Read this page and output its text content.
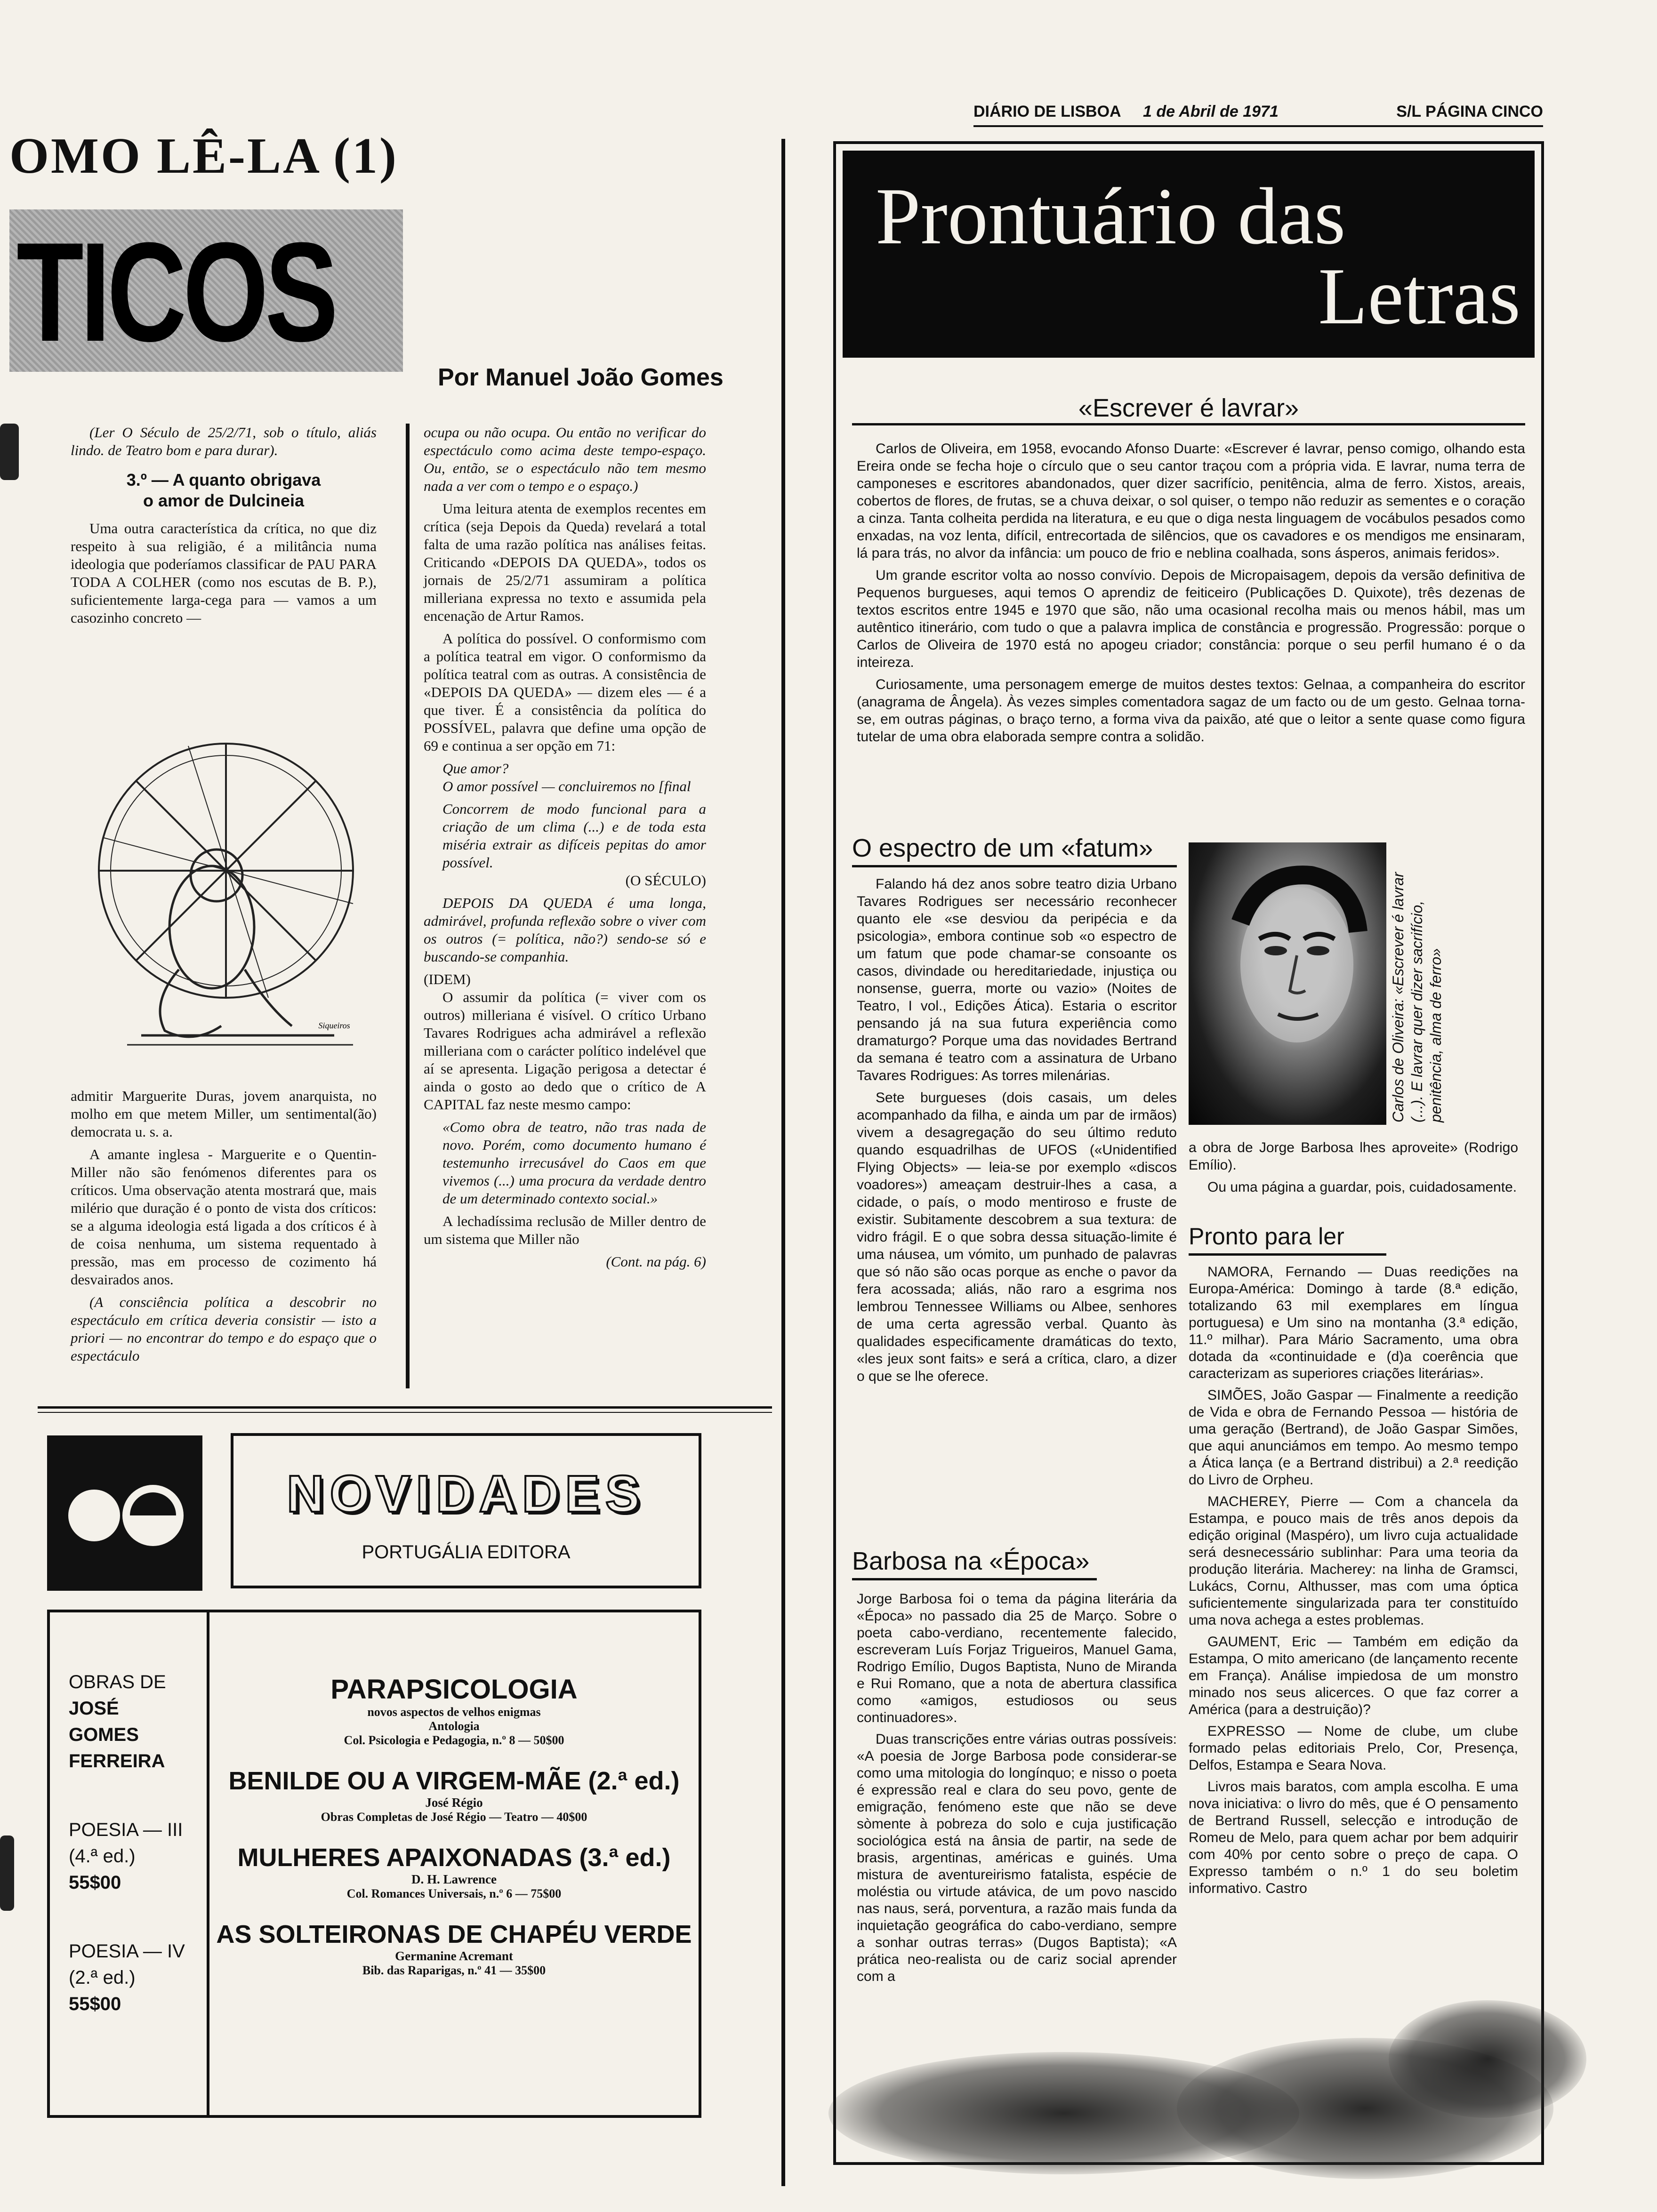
DIÁRIO DE LISBOA 1 de Abril de 1971	S/L PÁGINA CINCO
OMO LÊ-LA (1)
TICOS
Por Manuel João Gomes

(Ler O Século de 25/2/71, sob o título, aliás lindo. de Teatro bom e para durar).

3.º — A quanto obrigava
o amor de Dulcineia

Uma outra característica da crítica, no que diz respeito à sua religião, é a militância numa ideologia que poderíamos classificar de PAU PARA TODA A COLHER (como nos escutas de B. P.), suficientemente larga-cega para — vamos a um casozinho concreto —

Siqueiros

admitir Marguerite Duras, jovem anarquista, no molho em que metem Miller, um sentimental(ão) democrata u. s. a.

A amante inglesa - Marguerite e o Quentin-Miller não são fenómenos diferentes para os críticos. Uma observação atenta mostrará que, mais milério que duração é o ponto de vista dos críticos: se a alguma ideologia está ligada a dos críticos é à de coisa nenhuma, um sistema requentado à pressão, mas em processo de cozimento há desvairados anos.

(A consciência política a descobrir no espectáculo em crítica deveria consistir — isto a priori — no encontrar do tempo e do espaço que o espectáculo

ocupa ou não ocupa. Ou então no verificar do espectáculo como acima deste tempo-espaço. Ou, então, se o espectáculo não tem mesmo nada a ver com o tempo e o espaço.)

Uma leitura atenta de exemplos recentes em crítica (seja Depois da Queda) revelará a total falta de uma razão política nas análises feitas. Criticando «DEPOIS DA QUEDA», todos os jornais de 25/2/71 assumiram a política milleriana expressa no texto e assumida pela encenação de Artur Ramos.

A política do possível. O conformismo com a política teatral em vigor. O conformismo da política teatral com as outras. A consistência de «DEPOIS DA QUEDA» — dizem eles — é a que tiver. É a consistência da política do POSSÍVEL, palavra que define uma opção de 69 e continua a ser opção em 71:

Que amor?
O amor possível — concluiremos no [final
Concorrem de modo funcional para a criação de um clima (...) e de toda esta miséria extrair as difíceis pepitas do amor possível.
(O SÉCULO)

DEPOIS DA QUEDA é uma longa, admirável, profunda reflexão sobre o viver com os outros (= política, não?) sendo-se só e buscando-se companhia.

(IDEM)

O assumir da política (= viver com os outros) milleriana é visível. O crítico Urbano Tavares Rodrigues acha admirável a reflexão milleriana com o carácter político indelével que aí se apresenta. Ligação perigosa a detectar é ainda o gosto ao dedo que o crítico de A CAPITAL faz neste mesmo campo:

«Como obra de teatro, não tras nada de novo. Porém, como documento humano é testemunho irrecusável do Caos em que vivemos (...) uma procura da verdade dentro de um determinado contexto social.»

A lechadíssima reclusão de Miller dentro de um sistema que Miller não

(Cont. na pág. 6)
NOVIDADES
PORTUGÁLIA EDITORA
OBRAS DE
JOSÉ
GOMES
FERREIRA
POESIA — III
(4.ª ed.)
55$00
POESIA — IV
(2.ª ed.)
55$00
PARAPSICOLOGIA
novos aspectos de velhos enigmas
Antologia
Col. Psicologia e Pedagogia, n.º 8 — 50$00
BENILDE OU A VIRGEM-MÃE (2.ª ed.)
José Régio
Obras Completas de José Régio — Teatro — 40$00
MULHERES APAIXONADAS (3.ª ed.)
D. H. Lawrence
Col. Romances Universais, n.º 6 — 75$00
AS SOLTEIRONAS DE CHAPÉU VERDE
Germanine Acremant
Bib. das Raparigas, n.º 41 — 35$00
Prontuário das
Letras
«Escrever é lavrar»

Carlos de Oliveira, em 1958, evocando Afonso Duarte: «Escrever é lavrar, penso comigo, olhando esta Ereira onde se fecha hoje o círculo que o seu cantor traçou com a própria vida. E lavrar, numa terra de camponeses e escritores abandonados, quer dizer sacrifício, penitência, alma de ferro. Xistos, areais, cobertos de flores, de frutas, se a chuva deixar, o sol quiser, o tempo não reduzir as sementes e o coração a cinza. Tanta colheita perdida na literatura, e eu que o diga nesta linguagem de vocábulos pesados como enxadas, na voz lenta, difícil, entrecortada de silêncios, que os cavadores e os mendigos me ensinaram, lá para trás, no alvor da infância: um pouco de frio e neblina coalhada, sons ásperos, animais feridos».

Um grande escritor volta ao nosso convívio. Depois de Micropaisagem, depois da versão definitiva de Pequenos burgueses, aqui temos O aprendiz de feiticeiro (Publicações D. Quixote), três dezenas de textos escritos entre 1945 e 1970 que são, não uma ocasional recolha mais ou menos hábil, mas um autêntico itinerário, com tudo o que a palavra implica de constância e progressão. Progressão: porque o Carlos de Oliveira de 1970 está no apogeu criador; constância: porque o seu perfil humano é o da inteireza.

Curiosamente, uma personagem emerge de muitos destes textos: Gelnaa, a companheira do escritor (anagrama de Ângela). Às vezes simples comentadora sagaz de um facto ou de um gesto. Gelnaa torna-se, em outras páginas, o braço terno, a forma viva da paixão, até que o leitor a sente quase como figura tutelar de uma obra elaborada sempre contra a solidão.

O espectro de um «fatum»

Falando há dez anos sobre teatro dizia Urbano Tavares Rodrigues ser necessário reconhecer quanto ele «se desviou da peripécia e da psicologia», embora continue sob «o espectro de um fatum que pode chamar-se consoante os casos, divindade ou hereditariedade, injustiça ou nonsense, guerra, morte ou vazio» (Noites de Teatro, I vol., Edições Ática). Estaria o escritor pensando já na sua futura experiência como dramaturgo? Porque uma das novidades Bertrand da semana é teatro com a assinatura de Urbano Tavares Rodrigues: As torres milenárias.

Sete burgueses (dois casais, um deles acompanhado da filha, e ainda um par de irmãos) vivem a desagregação do seu último reduto quando esquadrilhas de UFOS («Unidentified Flying Objects» — leia-se por exemplo «discos voadores») ameaçam destruir-lhes a casa, a cidade, o país, o modo mentiroso e fruste de existir. Subitamente descobrem a sua textura: de vidro frágil. E o que sobra dessa situação-limite é uma náusea, um vómito, um punhado de palavras que só não são ocas porque as enche o pavor da fera acossada; aliás, não raro a esgrima nos lembrou Tennessee Williams ou Albee, senhores de uma certa agressão verbal. Quanto às qualidades especificamente dramáticas do texto, «les jeux sont faits» e será a crítica, claro, a dizer o que se lhe oferece.

Carlos de Oliveira: «Escrever é lavrar (...). E lavrar quer dizer sacrifício, penitência, alma de ferro»

a obra de Jorge Barbosa lhes aproveite» (Rodrigo Emílio).

Ou uma página a guardar, pois, cuidadosamente.

Pronto para ler

NAMORA, Fernando — Duas reedições na Europa-América: Domingo à tarde (8.ª edição, totalizando 63 mil exemplares em língua portuguesa) e Um sino na montanha (3.ª edição, 11.º milhar). Para Mário Sacramento, uma obra dotada da «continuidade e (d)a coerência que caracterizam as superiores criações literárias».

SIMÕES, João Gaspar — Finalmente a reedição de Vida e obra de Fernando Pessoa — história de uma geração (Bertrand), de João Gaspar Simões, que aqui anunciámos em tempo. Ao mesmo tempo a Ática lança (e a Bertrand distribui) a 2.ª reedição do Livro de Orpheu.

MACHEREY, Pierre — Com a chancela da Estampa, e pouco mais de três anos depois da edição original (Maspéro), um livro cuja actualidade será desnecessário sublinhar: Para uma teoria da produção literária. Macherey: na linha de Gramsci, Lukács, Cornu, Althusser, mas com uma óptica suficientemente singularizada para ter constituído uma nova achega a estes problemas.

GAUMENT, Eric — Também em edição da Estampa, O mito americano (de lançamento recente em França). Análise impiedosa de um monstro minado nos seus alicerces. O que faz correr a América (para a destruição)?

EXPRESSO — Nome de clube, um clube formado pelas editoriais Prelo, Cor, Presença, Delfos, Estampa e Seara Nova.

Livros mais baratos, com ampla escolha. E uma nova iniciativa: o livro do mês, que é O pensamento de Bertrand Russell, selecção e introdução de Romeu de Melo, para quem achar por bem adquirir com 40% por cento sobre o preço de capa. O Expresso também o n.º 1 do seu boletim informativo. Castro

Barbosa na «Época»

Jorge Barbosa foi o tema da página literária da «Época» no passado dia 25 de Março. Sobre o poeta cabo-verdiano, recentemente falecido, escreveram Luís Forjaz Trigueiros, Manuel Gama, Rodrigo Emílio, Dugos Baptista, Nuno de Miranda e Rui Romano, que a nota de abertura classifica como «amigos, estudiosos ou seus continuadores».

Duas transcrições entre várias outras possíveis: «A poesia de Jorge Barbosa pode considerar-se como uma mitologia do longínquo; e nisso o poeta é expressão real e clara do seu povo, gente de emigração, fenómeno este que não se deve sòmente à pobreza do solo e cuja justificação sociológica está na ânsia de partir, na sede de brasis, argentinas, américas e guinés. Uma mistura de aventureirismo fatalista, espécie de moléstia ou virtude atávica, de um povo nascido nas naus, será, porventura, a razão mais funda da inquietação geográfica do cabo-verdiano, sempre a sonhar outras terras» (Dugos Baptista); «A prática neo-realista ou de cariz social aprender com a
